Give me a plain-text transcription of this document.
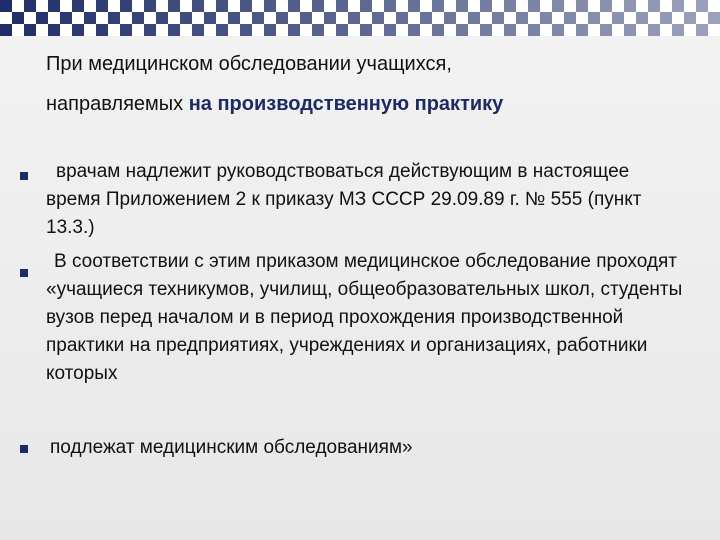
При медицинском обследовании учащихся,
направляемых на производственную практику

врачам надлежит руководствоваться действующим в настоящее время Приложением 2 к приказу МЗ СССР 29.09.89 г. № 555 (пункт 13.3.)

В соответствии с этим приказом медицинское обследование проходят «учащиеся техникумов, училищ, общеобразовательных школ, студенты вузов перед началом и в период прохождения производственной практики на предприятиях, учреждениях и организациях, работники которых

подлежат медицинским обследованиям»
